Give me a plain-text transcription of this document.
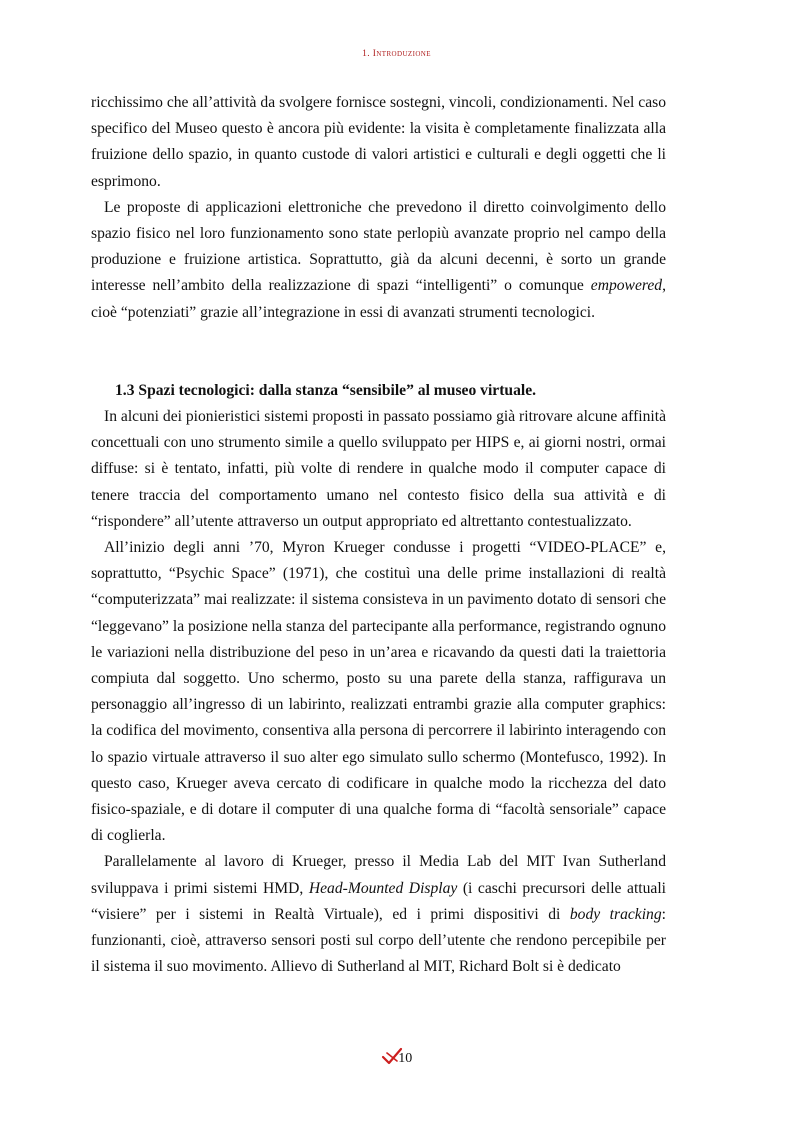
1. Introduzione

ricchissimo che all’attività da svolgere fornisce sostegni, vincoli, condizionamenti. Nel caso specifico del Museo questo è ancora più evidente: la visita è completamente finalizzata alla fruizione dello spazio, in quanto custode di valori artistici e culturali e degli oggetti che li esprimono.

Le proposte di applicazioni elettroniche che prevedono il diretto coinvolgimento dello spazio fisico nel loro funzionamento sono state perlopiù avanzate proprio nel campo della produzione e fruizione artistica. Soprattutto, già da alcuni decenni, è sorto un grande interesse nell’ambito della realizzazione di spazi “intelligenti” o comunque empowered, cioè “potenziati” grazie all’integrazione in essi di avanzati strumenti tecnologici.

1.3 Spazi tecnologici: dalla stanza “sensibile” al museo virtuale.

In alcuni dei pionieristici sistemi proposti in passato possiamo già ritrovare alcune affinità concettuali con uno strumento simile a quello sviluppato per HIPS e, ai giorni nostri, ormai diffuse: si è tentato, infatti, più volte di rendere in qualche modo il computer capace di tenere traccia del comportamento umano nel contesto fisico della sua attività e di “rispondere” all’utente attraverso un output appropriato ed altrettanto contestualizzato.

All’inizio degli anni ’70, Myron Krueger condusse i progetti “VIDEO-PLACE” e, soprattutto, “Psychic Space” (1971), che costituì una delle prime installazioni di realtà “computerizzata” mai realizzate: il sistema consisteva in un pavimento dotato di sensori che “leggevano” la posizione nella stanza del partecipante alla performance, registrando ognuno le variazioni nella distribuzione del peso in un’area e ricavando da questi dati la traiettoria compiuta dal soggetto. Uno schermo, posto su una parete della stanza, raffigurava un personaggio all’ingresso di un labirinto, realizzati entrambi grazie alla computer graphics: la codifica del movimento, consentiva alla persona di percorrere il labirinto interagendo con lo spazio virtuale attraverso il suo alter ego simulato sullo schermo (Montefusco, 1992). In questo caso, Krueger aveva cercato di codificare in qualche modo la ricchezza del dato fisico-spaziale, e di dotare il computer di una qualche forma di “facoltà sensoriale” capace di coglierla.

Parallelamente al lavoro di Krueger, presso il Media Lab del MIT Ivan Sutherland sviluppava i primi sistemi HMD, Head-Mounted Display (i caschi precursori delle attuali “visiere” per i sistemi in Realtà Virtuale), ed i primi dispositivi di body tracking: funzionanti, cioè, attraverso sensori posti sul corpo dell’utente che rendono percepibile per il sistema il suo movimento. Allievo di Sutherland al MIT, Richard Bolt si è dedicato

10
